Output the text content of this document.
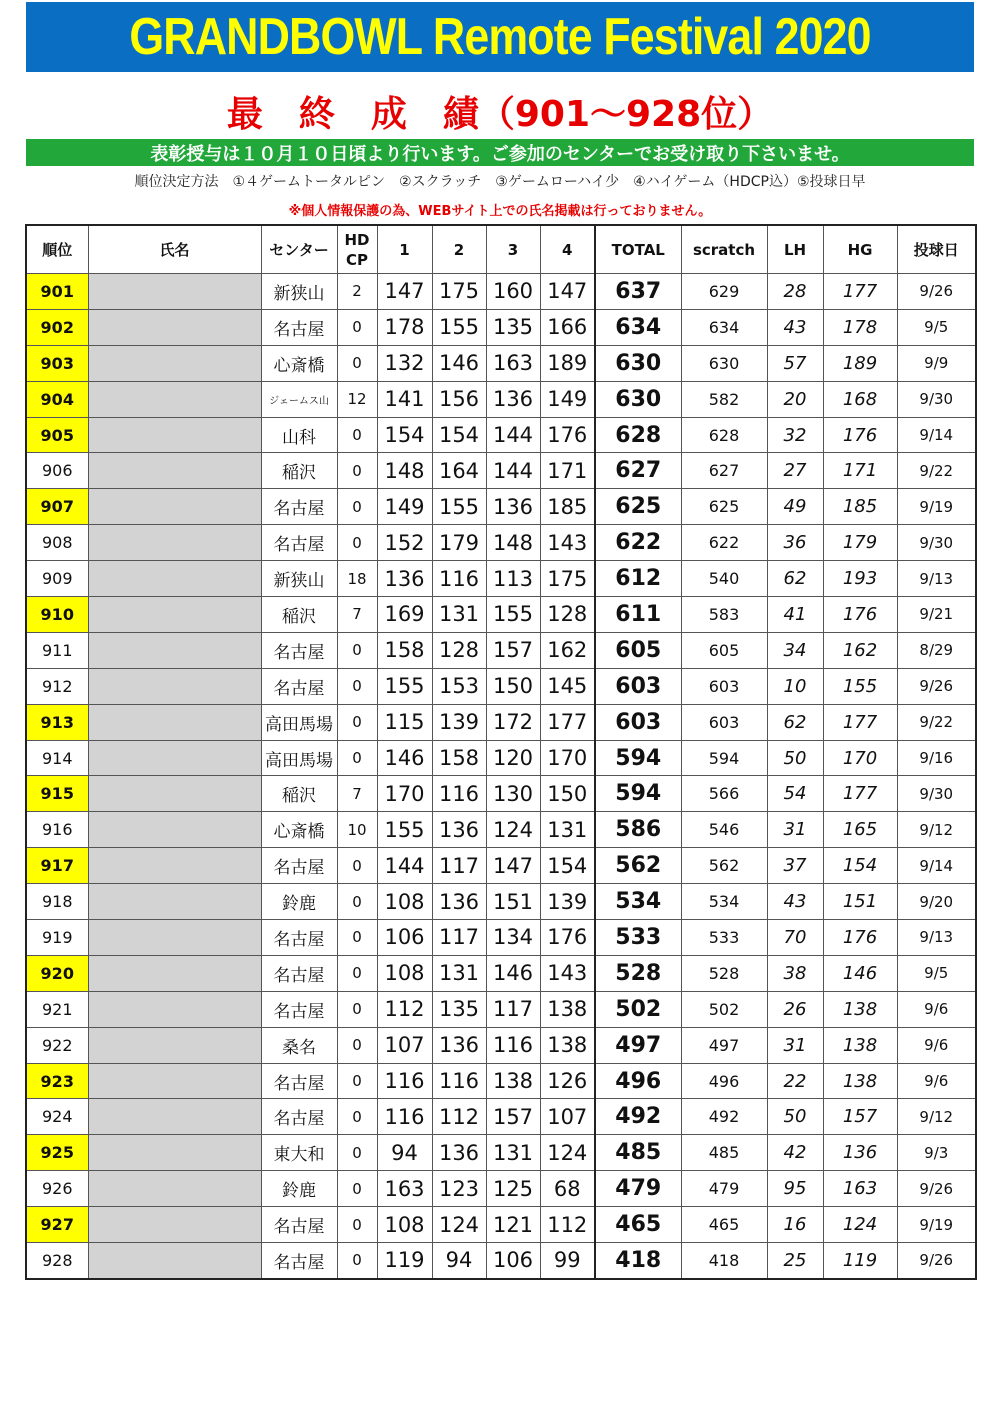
GRANDBOWL Remote Festival 2020
最　終　成　績（901〜928位）
表彰授与は１０月１０日頃より行います。ご参加のセンターでお受け取り下さいませ。
順位決定方法　①４ゲームトータルピン　②スクラッチ　③ゲームローハイ少　④ハイゲーム（HDCP込）⑤投球日早
※個人情報保護の為、WEBサイト上での氏名掲載は行っておりません。
順位	氏名	センター	HD
CP	1	2	3	4	TOTAL	scratch	LH	HG	投球日
901		新狭山	2	147	175	160	147	637	629	28	177	9/26
902		名古屋	0	178	155	135	166	634	634	43	178	9/5
903		心斎橋	0	132	146	163	189	630	630	57	189	9/9
904		ジェームス山	12	141	156	136	149	630	582	20	168	9/30
905		山科	0	154	154	144	176	628	628	32	176	9/14
906		稲沢	0	148	164	144	171	627	627	27	171	9/22
907		名古屋	0	149	155	136	185	625	625	49	185	9/19
908		名古屋	0	152	179	148	143	622	622	36	179	9/30
909		新狭山	18	136	116	113	175	612	540	62	193	9/13
910		稲沢	7	169	131	155	128	611	583	41	176	9/21
911		名古屋	0	158	128	157	162	605	605	34	162	8/29
912		名古屋	0	155	153	150	145	603	603	10	155	9/26
913		高田馬場	0	115	139	172	177	603	603	62	177	9/22
914		高田馬場	0	146	158	120	170	594	594	50	170	9/16
915		稲沢	7	170	116	130	150	594	566	54	177	9/30
916		心斎橋	10	155	136	124	131	586	546	31	165	9/12
917		名古屋	0	144	117	147	154	562	562	37	154	9/14
918		鈴鹿	0	108	136	151	139	534	534	43	151	9/20
919		名古屋	0	106	117	134	176	533	533	70	176	9/13
920		名古屋	0	108	131	146	143	528	528	38	146	9/5
921		名古屋	0	112	135	117	138	502	502	26	138	9/6
922		桑名	0	107	136	116	138	497	497	31	138	9/6
923		名古屋	0	116	116	138	126	496	496	22	138	9/6
924		名古屋	0	116	112	157	107	492	492	50	157	9/12
925		東大和	0	94	136	131	124	485	485	42	136	9/3
926		鈴鹿	0	163	123	125	68	479	479	95	163	9/26
927		名古屋	0	108	124	121	112	465	465	16	124	9/19
928		名古屋	0	119	94	106	99	418	418	25	119	9/26
